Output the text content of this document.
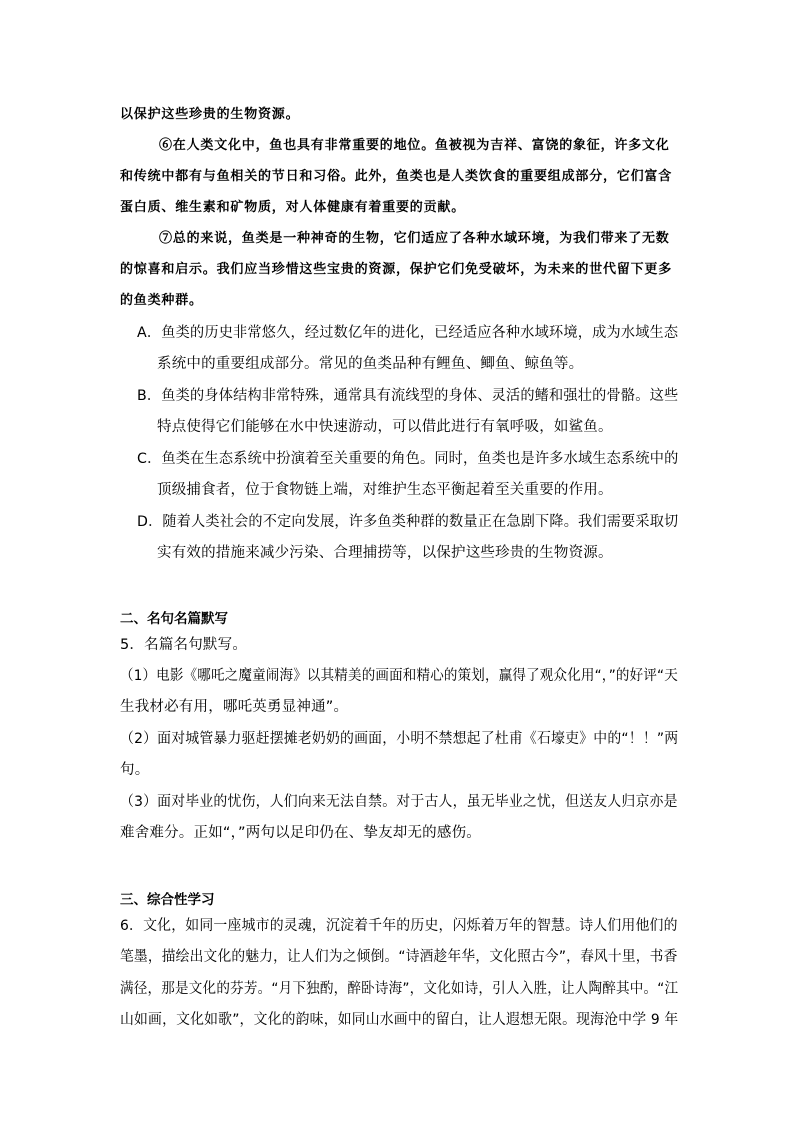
以保护这些珍贵的生物资源。
⑥在人类文化中，鱼也具有非常重要的地位。鱼被视为吉祥、富饶的象征，许多文化
和传统中都有与鱼相关的节日和习俗。此外，鱼类也是人类饮食的重要组成部分，它们富含
蛋白质、维生素和矿物质，对人体健康有着重要的贡献。
⑦总的来说，鱼类是一种神奇的生物，它们适应了各种水域环境，为我们带来了无数
的惊喜和启示。我们应当珍惜这些宝贵的资源，保护它们免受破坏，为未来的世代留下更多
的鱼类种群。
A．鱼类的历史非常悠久，经过数亿年的进化，已经适应各种水域环境，成为水域生态
系统中的重要组成部分。常见的鱼类品种有鲤鱼、鲫鱼、鲸鱼等。
B．鱼类的身体结构非常特殊，通常具有流线型的身体、灵活的鳍和强壮的骨骼。这些
特点使得它们能够在水中快速游动，可以借此进行有氧呼吸，如鲨鱼。
C．鱼类在生态系统中扮演着至关重要的角色。同时，鱼类也是许多水域生态系统中的
顶级捕食者，位于食物链上端，对维护生态平衡起着至关重要的作用。
D．随着人类社会的不定向发展，许多鱼类种群的数量正在急剧下降。我们需要采取切
实有效的措施来减少污染、合理捕捞等，以保护这些珍贵的生物资源。
二、名句名篇默写
5．名篇名句默写。
（1）电影《哪吒之魔童闹海》以其精美的画面和精心的策划，赢得了观众化用“，”的好评“天
生我材必有用，哪吒英勇显神通”。
（2）面对城管暴力驱赶摆摊老奶奶的画面，小明不禁想起了杜甫《石壕吏》中的“！！”两
句。
（3）面对毕业的忧伤，人们向来无法自禁。对于古人，虽无毕业之忧，但送友人归京亦是
难舍难分。正如“，”两句以足印仍在、挚友却无的感伤。
三、综合性学习
6．文化，如同一座城市的灵魂，沉淀着千年的历史，闪烁着万年的智慧。诗人们用他们的
笔墨，描绘出文化的魅力，让人们为之倾倒。“诗酒趁年华，文化照古今”，春风十里，书香
满径，那是文化的芬芳。“月下独酌，醉卧诗海”，文化如诗，引人入胜，让人陶醉其中。“江
山如画，文化如歌”，文化的韵味，如同山水画中的留白，让人遐想无限。现海沧中学 9 年
